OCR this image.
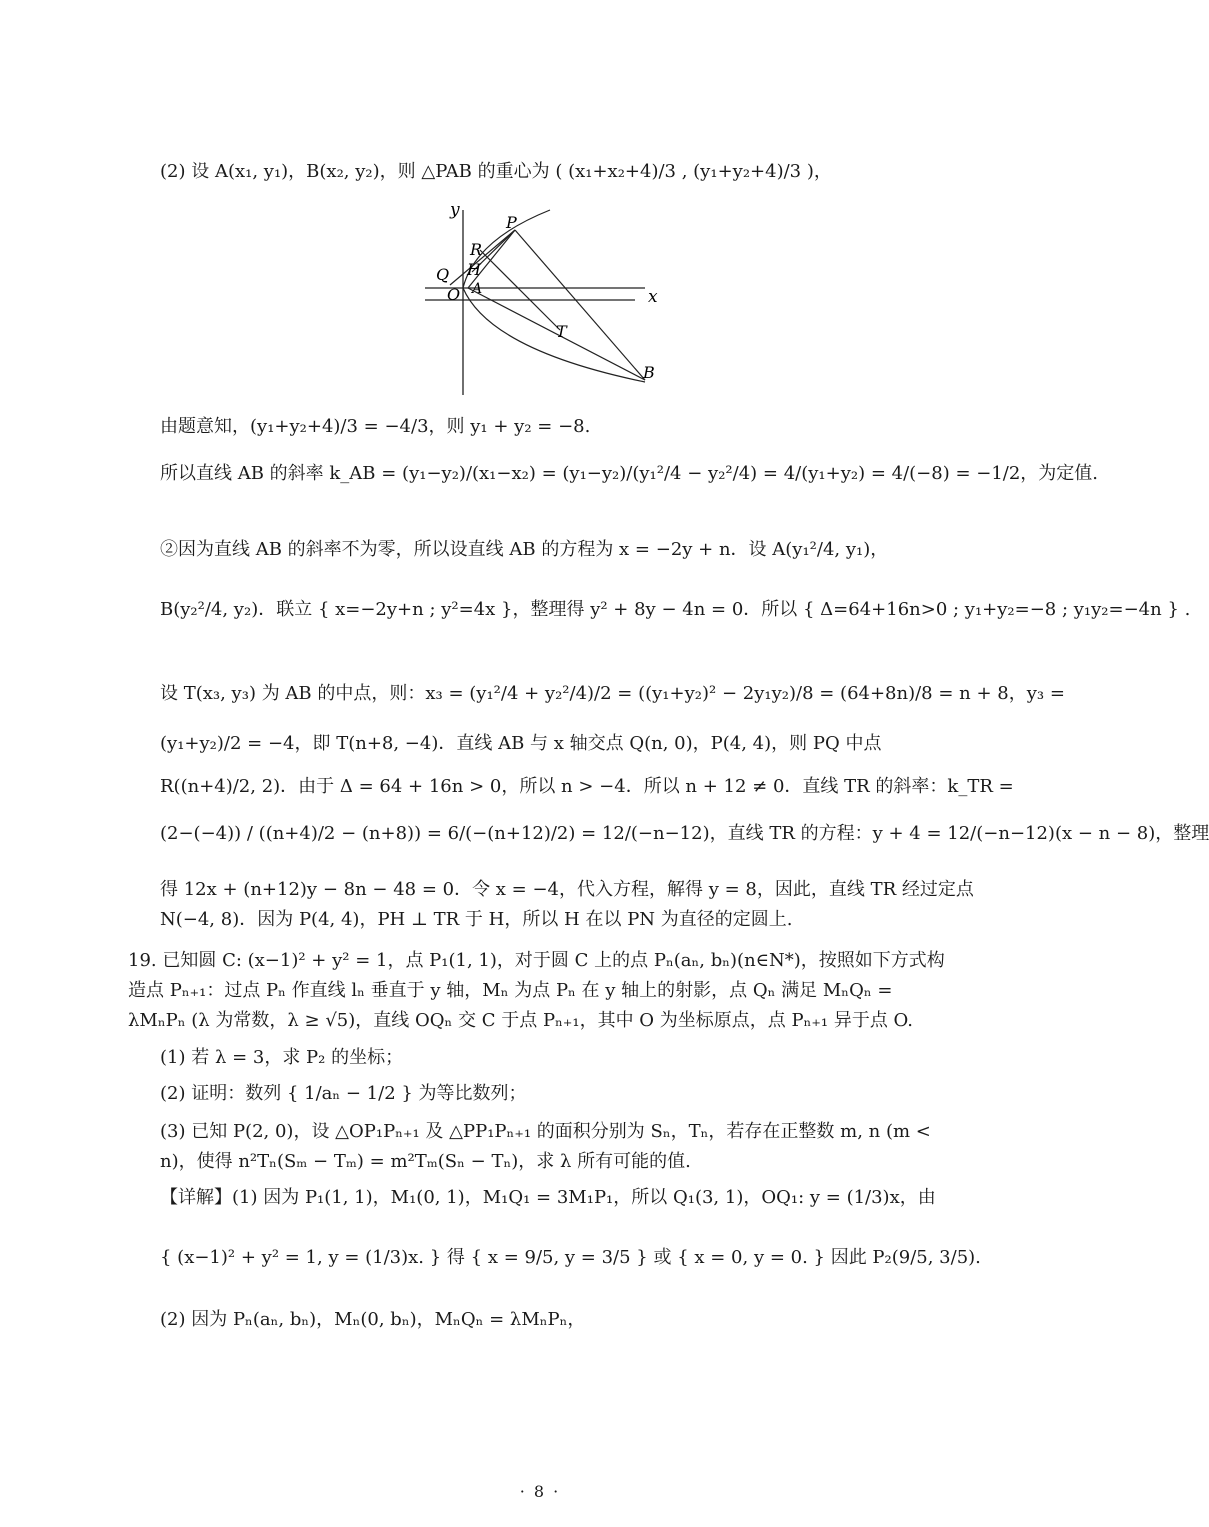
(2) 设 A(x₁, y₁)，B(x₂, y₂)，则 △PAB 的重心为 ( (x₁+x₂+4)/3 , (y₁+y₂+4)/3 )，
y
x
P
R
Q H
O A
T
B
由题意知，(y₁+y₂+4)/3 = −4/3，则 y₁ + y₂ = −8.
所以直线 AB 的斜率 k_AB = (y₁−y₂)/(x₁−x₂) = (y₁−y₂)/(y₁²/4 − y₂²/4) = 4/(y₁+y₂) = 4/(−8) = −1/2，为定值.
②因为直线 AB 的斜率不为零，所以设直线 AB 的方程为 x = −2y + n．设 A(y₁²/4, y₁)，
B(y₂²/4, y₂)．联立 { x=−2y+n ; y²=4x }，整理得 y² + 8y − 4n = 0．所以 { Δ=64+16n>0 ; y₁+y₂=−8 ; y₁y₂=−4n } .
设 T(x₃, y₃) 为 AB 的中点，则：x₃ = (y₁²/4 + y₂²/4)/2 = ((y₁+y₂)² − 2y₁y₂)/8 = (64+8n)/8 = n + 8，y₃ =
(y₁+y₂)/2 = −4，即 T(n+8, −4)．直线 AB 与 x 轴交点 Q(n, 0)，P(4, 4)，则 PQ 中点
R((n+4)/2, 2)．由于 Δ = 64 + 16n > 0，所以 n > −4．所以 n + 12 ≠ 0．直线 TR 的斜率：k_TR =
(2−(−4)) / ((n+4)/2 − (n+8)) = 6/(−(n+12)/2) = 12/(−n−12)，直线 TR 的方程：y + 4 = 12/(−n−12)(x − n − 8)，整理
得 12x + (n+12)y − 8n − 48 = 0．令 x = −4，代入方程，解得 y = 8，因此，直线 TR 经过定点
N(−4, 8)．因为 P(4, 4)，PH ⊥ TR 于 H，所以 H 在以 PN 为直径的定圆上.
19. 已知圆 C: (x−1)² + y² = 1，点 P₁(1, 1)，对于圆 C 上的点 Pₙ(aₙ, bₙ)(n∈N*)，按照如下方式构造点 Pₙ₊₁：过点 Pₙ 作直线 lₙ 垂直于 y 轴，Mₙ 为点 Pₙ 在 y 轴上的射影，点 Qₙ 满足 MₙQₙ = λMₙPₙ (λ 为常数，λ ≥ √5)，直线 OQₙ 交 C 于点 Pₙ₊₁，其中 O 为坐标原点，点 Pₙ₊₁ 异于点 O.
(1) 若 λ = 3，求 P₂ 的坐标；
(2) 证明：数列 { 1/aₙ − 1/2 } 为等比数列；
(3) 已知 P(2, 0)，设 △OP₁Pₙ₊₁ 及 △PP₁Pₙ₊₁ 的面积分别为 Sₙ，Tₙ，若存在正整数 m, n (m < n)，使得 n²Tₙ(Sₘ − Tₘ) = m²Tₘ(Sₙ − Tₙ)，求 λ 所有可能的值.
【详解】(1) 因为 P₁(1, 1)，M₁(0, 1)，M₁Q₁ = 3M₁P₁，所以 Q₁(3, 1)，OQ₁: y = (1/3)x，由
{ (x−1)² + y² = 1, y = (1/3)x. } 得 { x = 9/5, y = 3/5 } 或 { x = 0, y = 0. } 因此 P₂(9/5, 3/5).
(2) 因为 Pₙ(aₙ, bₙ)，Mₙ(0, bₙ)，MₙQₙ = λMₙPₙ，
· 8 ·
